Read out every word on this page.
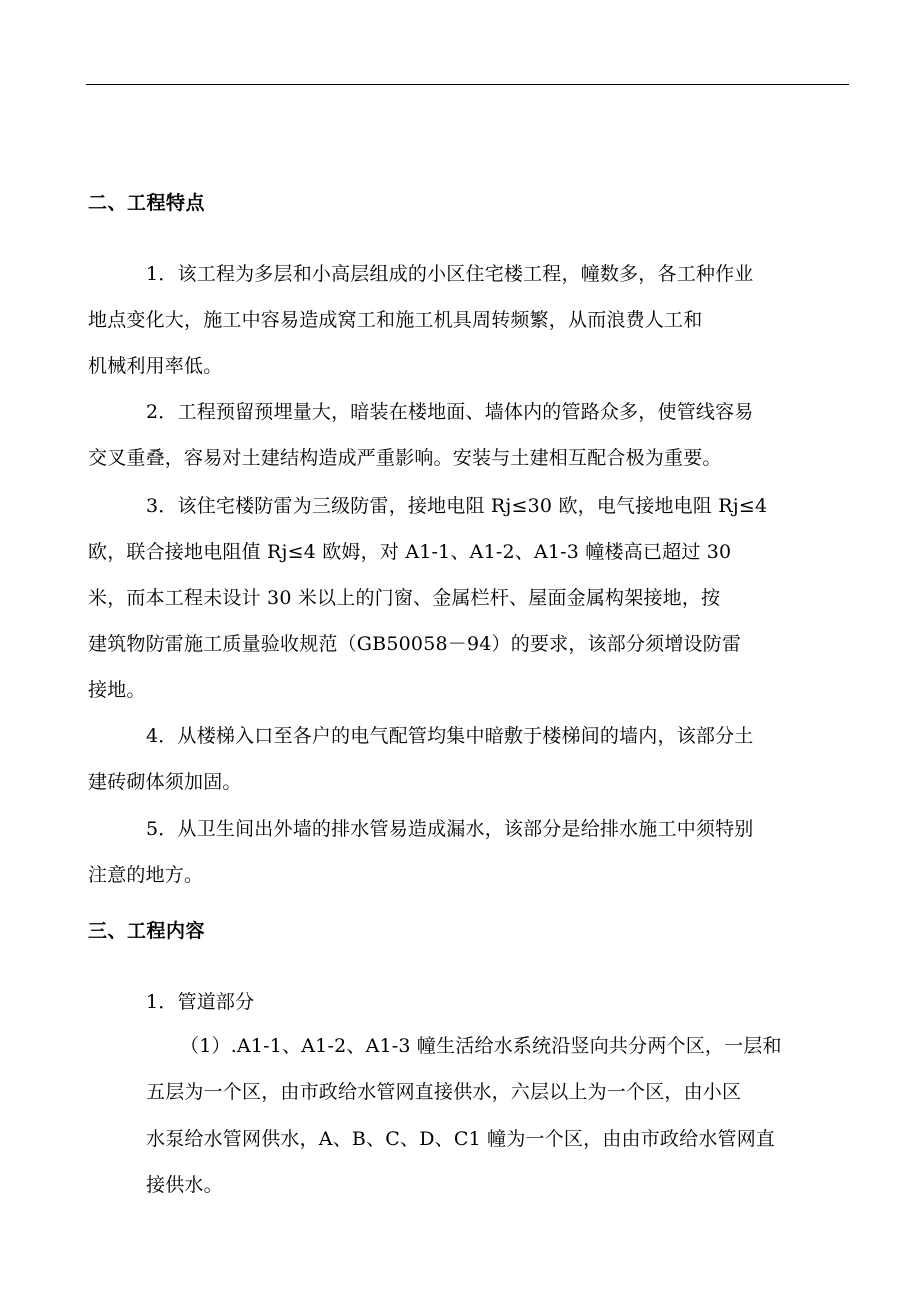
二、工程特点
1．该工程为多层和小高层组成的小区住宅楼工程，幢数多，各工种作业
地点变化大，施工中容易造成窝工和施工机具周转频繁，从而浪费人工和
机械利用率低。
2．工程预留预埋量大，暗装在楼地面、墙体内的管路众多，使管线容易
交叉重叠，容易对土建结构造成严重影响。安装与土建相互配合极为重要。
3．该住宅楼防雷为三级防雷，接地电阻 Rj≤30 欧，电气接地电阻 Rj≤4
欧，联合接地电阻值 Rj≤4 欧姆，对 A1-1、A1-2、A1-3 幢楼高已超过 30
米，而本工程未设计 30 米以上的门窗、金属栏杆、屋面金属构架接地，按
建筑物防雷施工质量验收规范（GB50058－94）的要求，该部分须增设防雷
接地。
4．从楼梯入口至各户的电气配管均集中暗敷于楼梯间的墙内，该部分土
建砖砌体须加固。
5．从卫生间出外墙的排水管易造成漏水，该部分是给排水施工中须特别
注意的地方。
三、工程内容
1．管道部分
（1）.A1-1、A1-2、A1-3 幢生活给水系统沿竖向共分两个区，一层和
五层为一个区，由市政给水管网直接供水，六层以上为一个区，由小区
水泵给水管网供水，A、B、C、D、C1 幢为一个区，由由市政给水管网直
接供水。
